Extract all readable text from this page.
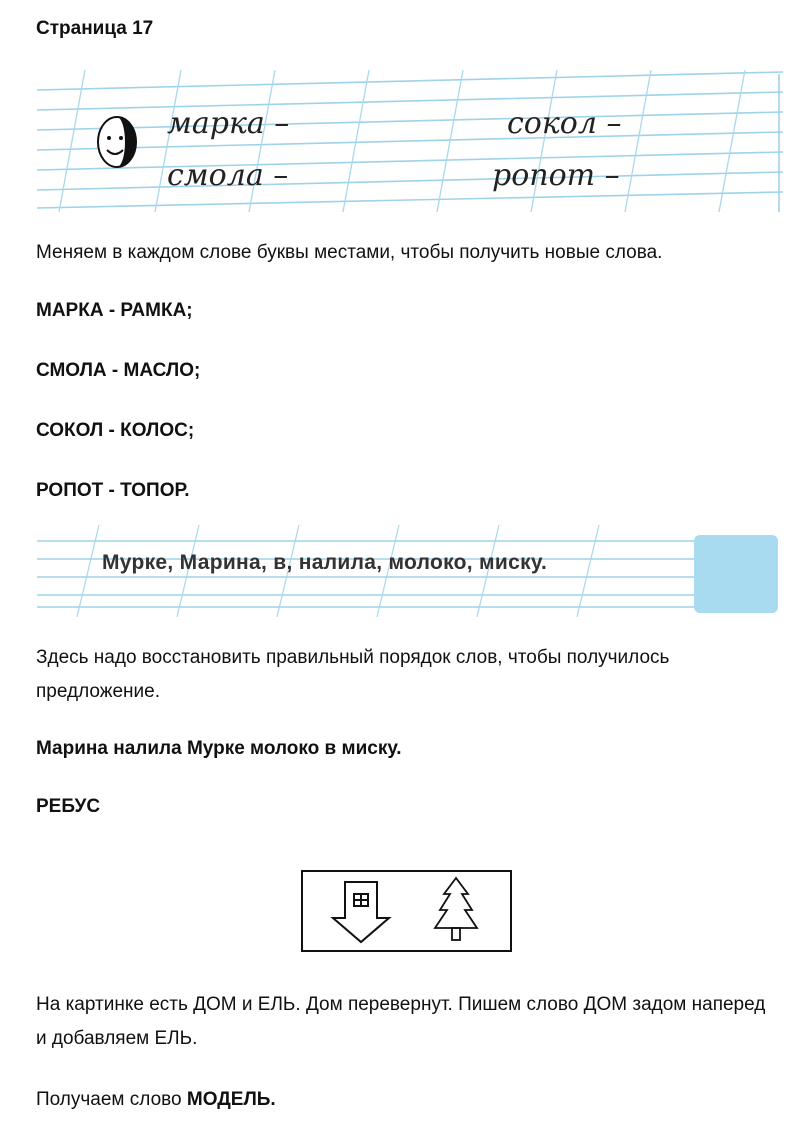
Страница 17
марка –
смола –
сокол –
ропот –
Меняем в каждом слове буквы местами, чтобы получить новые слова.
МАРКА - РАМКА;
СМОЛА - МАСЛО;
СОКОЛ - КОЛОС;
РОПОТ - ТОПОР.
Мурке, Марина, в, налила, молоко, миску.
Здесь надо восстановить правильный порядок слов, чтобы получилось предложение.
Марина налила Мурке молоко в миску.
РЕБУС
На картинке есть ДОМ и ЕЛЬ. Дом перевернут. Пишем слово ДОМ задом наперед и добавляем ЕЛЬ.
Получаем слово МОДЕЛЬ.
